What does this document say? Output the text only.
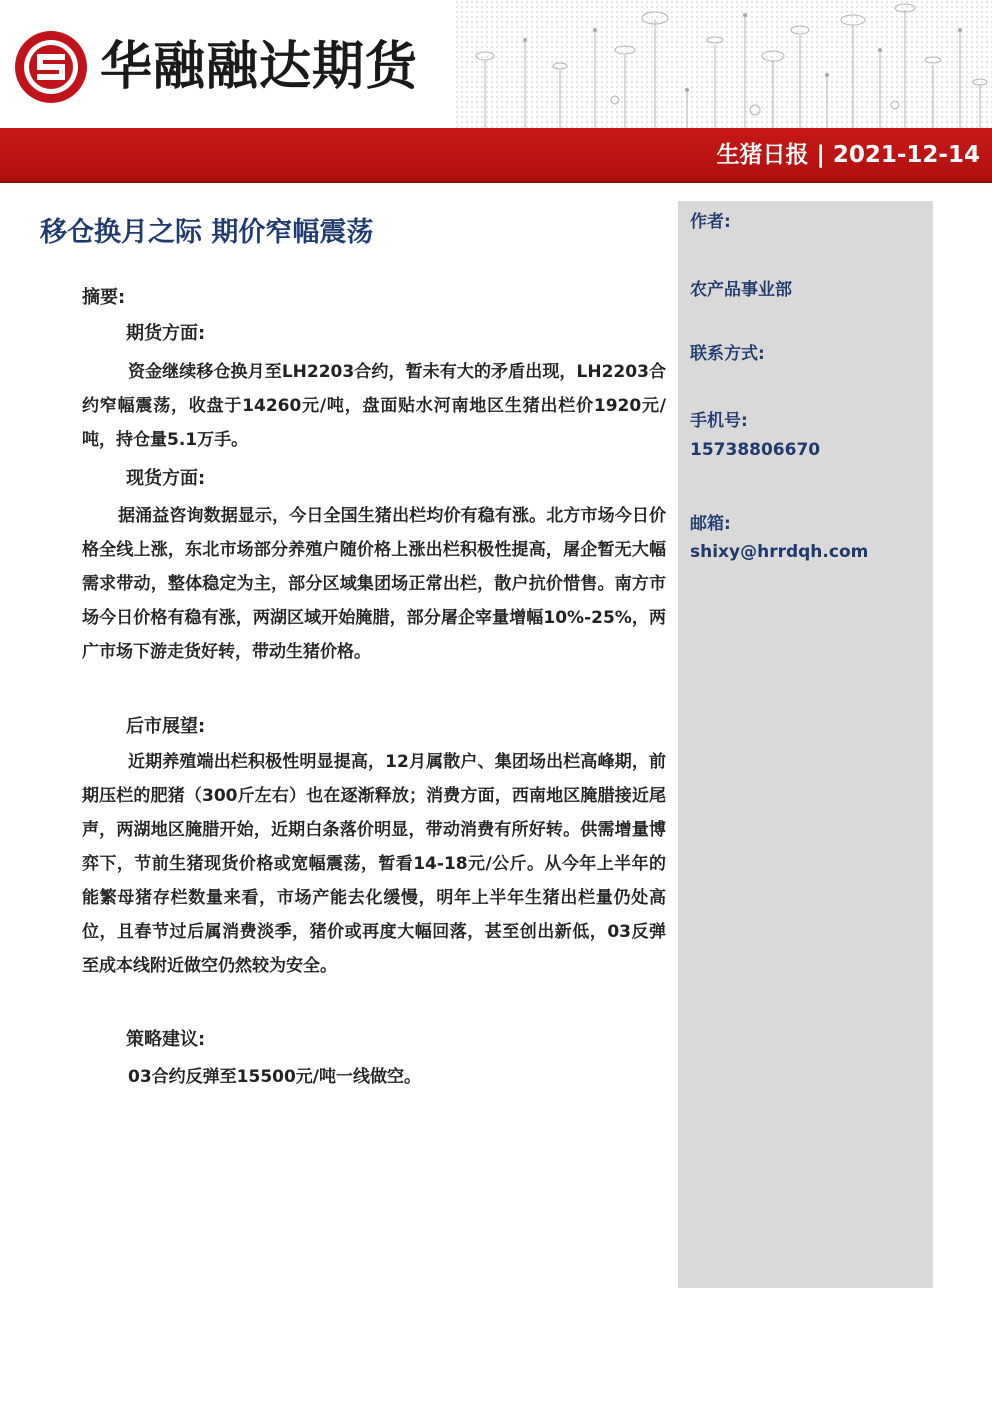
华融融达期货
生猪日报 | 2021-12-14
作者:
农产品事业部
联系方式:
手机号:
15738806670
邮箱:
shixy@hrrdqh.com
移仓换月之际 期价窄幅震荡
摘要:
期货方面:

资金继续移仓换月至LH2203合约，暂未有大的矛盾出现，LH2203合约窄幅震荡，收盘于14260元/吨，盘面贴水河南地区生猪出栏价1920元/吨，持仓量5.1万手。

现货方面:

据涌益咨询数据显示，今日全国生猪出栏均价有稳有涨。北方市场今日价格全线上涨，东北市场部分养殖户随价格上涨出栏积极性提高，屠企暂无大幅需求带动，整体稳定为主，部分区域集团场正常出栏，散户抗价惜售。南方市场今日价格有稳有涨，两湖区域开始腌腊，部分屠企宰量增幅10%-25%，两广市场下游走货好转，带动生猪价格。

后市展望:

近期养殖端出栏积极性明显提高，12月属散户、集团场出栏高峰期，前期压栏的肥猪（300斤左右）也在逐渐释放；消费方面，西南地区腌腊接近尾声，两湖地区腌腊开始，近期白条落价明显，带动消费有所好转。供需增量博弈下，节前生猪现货价格或宽幅震荡，暂看14-18元/公斤。从今年上半年的能繁母猪存栏数量来看，市场产能去化缓慢，明年上半年生猪出栏量仍处高位，且春节过后属消费淡季，猪价或再度大幅回落，甚至创出新低，03反弹至成本线附近做空仍然较为安全。

策略建议:

03合约反弹至15500元/吨一线做空。
